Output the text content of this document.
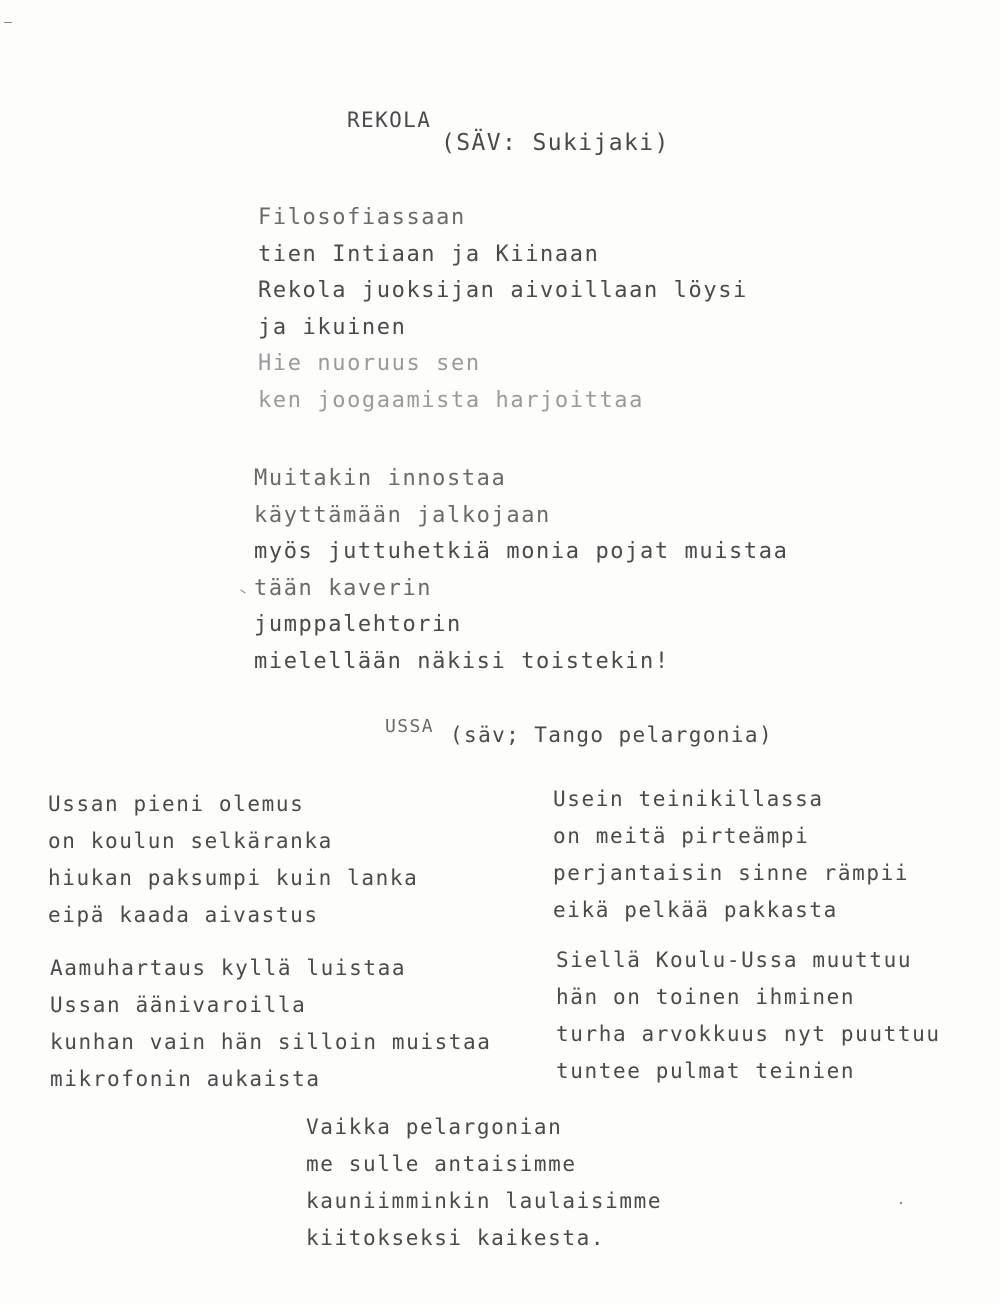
REKOLA
(SÄV: Sukijaki)
Filosofiassaan
tien Intiaan ja Kiinaan
Rekola juoksijan aivoillaan löysi
ja ikuinen
Hie nuoruus sen
ken joogaamista harjoittaa
Muitakin innostaa
käyttämään jalkojaan
myös juttuhetkiä monia pojat muistaa
tään kaverin
jumppalehtorin
mielellään näkisi toistekin!
USSA (säv; Tango pelargonia)
Ussan pieni olemus
on koulun selkäranka
hiukan paksumpi kuin lanka
eipä kaada aivastus
Aamuhartaus kyllä luistaa
Ussan äänivaroilla
kunhan vain hän silloin muistaa
mikrofonin aukaista
Usein teinikillassa
on meitä pirteämpi
perjantaisin sinne rämpii
eikä pelkää pakkasta
Siellä Koulu-Ussa muuttuu
hän on toinen ihminen
turha arvokkuus nyt puuttuu
tuntee pulmat teinien
Vaikka pelargonian
me sulle antaisimme
kauniimminkin laulaisimme
kiitokseksi kaikesta.
